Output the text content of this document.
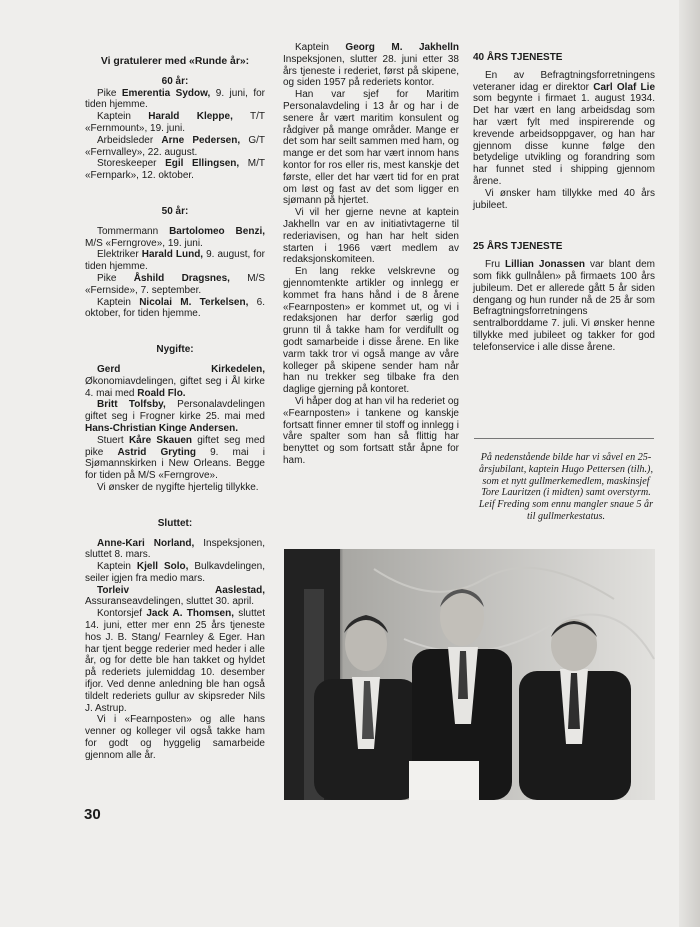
Vi gratulerer med «Runde år»:

60 år:

Pike Emerentia Sydow, 9. juni, for tiden hjemme.

Kaptein Harald Kleppe, T/T «Fernmount», 19. juni.

Arbeidsleder Arne Pedersen, G/T «Fernvalley», 22. august.

Storeskeeper Egil Ellingsen, M/T «Fernpark», 12. oktober.

50 år:

Tommermann Bartolomeo Benzi, M/S «Ferngrove», 19. juni.

Elektriker Harald Lund, 9. august, for tiden hjemme.

Pike Åshild Dragsnes, M/S «Fernside», 7. september.

Kaptein Nicolai M. Terkelsen, 6. oktober, for tiden hjemme.

Nygifte:

Gerd Kirkedelen, Økonomiavdelingen, giftet seg i Ål kirke 4. mai med Roald Flo.

Britt Tolfsby, Personalavdelingen giftet seg i Frogner kirke 25. mai med Hans-Christian Kinge Andersen.

Stuert Kåre Skauen giftet seg med pike Astrid Gryting 9. mai i Sjømannskirken i New Orleans. Begge for tiden på M/S «Ferngrove».

Vi ønsker de nygifte hjertelig tillykke.

Sluttet:

Anne-Kari Norland, Inspeksjonen, sluttet 8. mars.

Kaptein Kjell Solo, Bulkavdelingen, seiler igjen fra medio mars.

Torleiv Aaslestad, Assuranseavdelingen, sluttet 30. april.

Kontorsjef Jack A. Thomsen, sluttet 14. juni, etter mer enn 25 års tjeneste hos J. B. Stang/ Fearnley & Eger. Han har tjent begge rederier med heder i alle år, og for dette ble han takket og hyldet på rederiets julemiddag 10. desember ifjor. Ved denne anledning ble han også tildelt rederiets gullur av skipsreder Nils J. Astrup.

Vi i «Fearnposten» og alle hans venner og kolleger vil også takke ham for godt og hyggelig samarbeide gjennom alle år.

Kaptein Georg M. Jakhelln Inspeksjonen, slutter 28. juni etter 38 års tjeneste i rederiet, først på skipene, og siden 1957 på rederiets kontor.

Han var sjef for Maritim Personalavdeling i 13 år og har i de senere år vært maritim konsulent og rådgiver på mange områder. Mange er det som har seilt sammen med ham, og mange er det som har vært innom hans kontor for ros eller ris, mest kanskje det første, eller det har vært tid for en prat om løst og fast av det som ligger en sjømann på hjertet.

Vi vil her gjerne nevne at kaptein Jakhelln var en av initiativtagerne til rederiavisen, og han har helt siden starten i 1966 vært medlem av redaksjonskomiteen.

En lang rekke velskrevne og gjennomtenkte artikler og innlegg er kommet fra hans hånd i de 8 årene «Fearnposten» er kommet ut, og vi i redaksjonen har derfor særlig god grunn til å takke ham for verdifullt og godt samarbeide i disse årene. En like varm takk tror vi også mange av våre kolleger på skipene sender ham når han nu trekker seg tilbake fra den daglige gjerning på kontoret.

Vi håper dog at han vil ha rederiet og «Fearnposten» i tankene og kanskje fortsatt finner emner til stoff og innlegg i våre spalter som han så flittig har benyttet og som fortsatt står åpne for ham.

40 ÅRS TJENESTE

En av Befragtningsforretningens veteraner idag er direktor Carl Olaf Lie som begynte i firmaet 1. august 1934. Det har vært en lang arbeidsdag som har vært fylt med inspirerende og krevende arbeidsoppgaver, og han har gjennom disse kunne følge den betydelige utvikling og forandring som har funnet sted i shipping gjennom årene.

Vi ønsker ham tillykke med 40 års jubileet.

25 ÅRS TJENESTE

Fru Lillian Jonassen var blant dem som fikk gullnålen» på firmaets 100 års jubileum. Det er allerede gått 5 år siden dengang og hun runder nå de 25 år som Befragtningsforretningens sentralborddame 7. juli. Vi ønsker henne tillykke med jubileet og takker for god telefonservice i alle disse årene.

På nedenstående bilde har vi såvel en 25-årsjubilant, kaptein Hugo Pettersen (tilh.), som et nytt gullmerkemedlem, maskinsjef Tore Lauritzen (i midten) samt overstyrm. Leif Freding som ennu mangler snaue 5 år til gullmerkestatus.
30
